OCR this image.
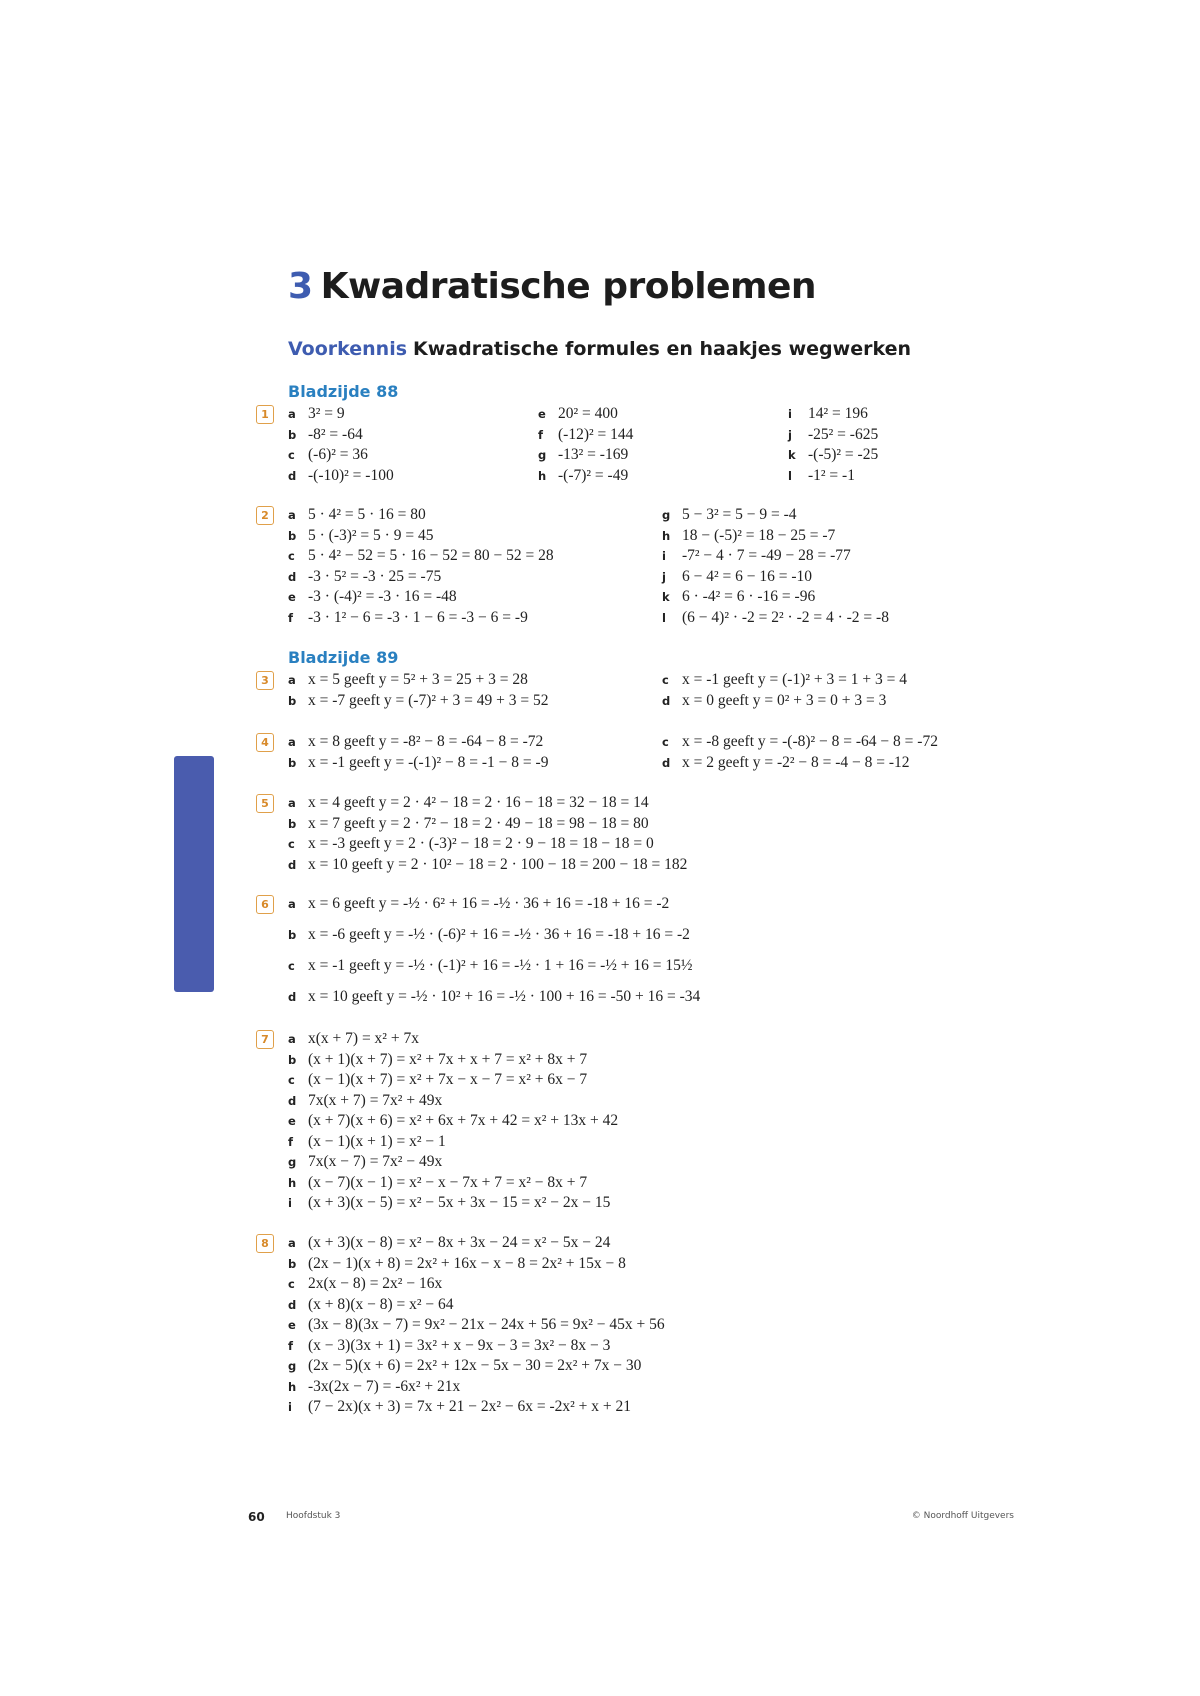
3 Kwadratische problemen
Voorkennis Kwadratische formules en haakjes wegwerken
Bladzijde 88
Bladzijde 89
1	a 3² = 9
b -8² = -64
c (-6)² = 36
d -(-10)² = -100
e 20² = 400
f (-12)² = 144
g -13² = -169
h -(-7)² = -49
i 14² = 196
j -25² = -625
k -(-5)² = -25
l -1² = -1
2	a 5 · 4² = 5 · 16 = 80
b 5 · (-3)² = 5 · 9 = 45
c 5 · 4² − 52 = 5 · 16 − 52 = 80 − 52 = 28
d -3 · 5² = -3 · 25 = -75
e -3 · (-4)² = -3 · 16 = -48
f -3 · 1² − 6 = -3 · 1 − 6 = -3 − 6 = -9
g 5 − 3² = 5 − 9 = -4
h 18 − (-5)² = 18 − 25 = -7
i -7² − 4 · 7 = -49 − 28 = -77
j 6 − 4² = 6 − 16 = -10
k 6 · -4² = 6 · -16 = -96
l (6 − 4)² · -2 = 2² · -2 = 4 · -2 = -8
3	a x = 5 geeft y = 5² + 3 = 25 + 3 = 28
b x = -7 geeft y = (-7)² + 3 = 49 + 3 = 52
c x = -1 geeft y = (-1)² + 3 = 1 + 3 = 4
d x = 0 geeft y = 0² + 3 = 0 + 3 = 3
4	a x = 8 geeft y = -8² − 8 = -64 − 8 = -72
b x = -1 geeft y = -(-1)² − 8 = -1 − 8 = -9
c x = -8 geeft y = -(-8)² − 8 = -64 − 8 = -72
d x = 2 geeft y = -2² − 8 = -4 − 8 = -12
5	a x = 4 geeft y = 2 · 4² − 18 = 2 · 16 − 18 = 32 − 18 = 14
b x = 7 geeft y = 2 · 7² − 18 = 2 · 49 − 18 = 98 − 18 = 80
c x = -3 geeft y = 2 · (-3)² − 18 = 2 · 9 − 18 = 18 − 18 = 0
d x = 10 geeft y = 2 · 10² − 18 = 2 · 100 − 18 = 200 − 18 = 182
6	a x = 6 geeft y = -½ · 6² + 16 = -½ · 36 + 16 = -18 + 16 = -2
b x = -6 geeft y = -½ · (-6)² + 16 = -½ · 36 + 16 = -18 + 16 = -2
c x = -1 geeft y = -½ · (-1)² + 16 = -½ · 1 + 16 = -½ + 16 = 15½
d x = 10 geeft y = -½ · 10² + 16 = -½ · 100 + 16 = -50 + 16 = -34
7	a x(x + 7) = x² + 7x
b (x + 1)(x + 7) = x² + 7x + x + 7 = x² + 8x + 7
c (x − 1)(x + 7) = x² + 7x − x − 7 = x² + 6x − 7
d 7x(x + 7) = 7x² + 49x
e (x + 7)(x + 6) = x² + 6x + 7x + 42 = x² + 13x + 42
f (x − 1)(x + 1) = x² − 1
g 7x(x − 7) = 7x² − 49x
h (x − 7)(x − 1) = x² − x − 7x + 7 = x² − 8x + 7
i (x + 3)(x − 5) = x² − 5x + 3x − 15 = x² − 2x − 15
8	a (x + 3)(x − 8) = x² − 8x + 3x − 24 = x² − 5x − 24
b (2x − 1)(x + 8) = 2x² + 16x − x − 8 = 2x² + 15x − 8
c 2x(x − 8) = 2x² − 16x
d (x + 8)(x − 8) = x² − 64
e (3x − 8)(3x − 7) = 9x² − 21x − 24x + 56 = 9x² − 45x + 56
f (x − 3)(3x + 1) = 3x² + x − 9x − 3 = 3x² − 8x − 3
g (2x − 5)(x + 6) = 2x² + 12x − 5x − 30 = 2x² + 7x − 30
h -3x(2x − 7) = -6x² + 21x
i (7 − 2x)(x + 3) = 7x + 21 − 2x² − 6x = -2x² + x + 21
60 Hoofdstuk 3	© Noordhoff Uitgevers
